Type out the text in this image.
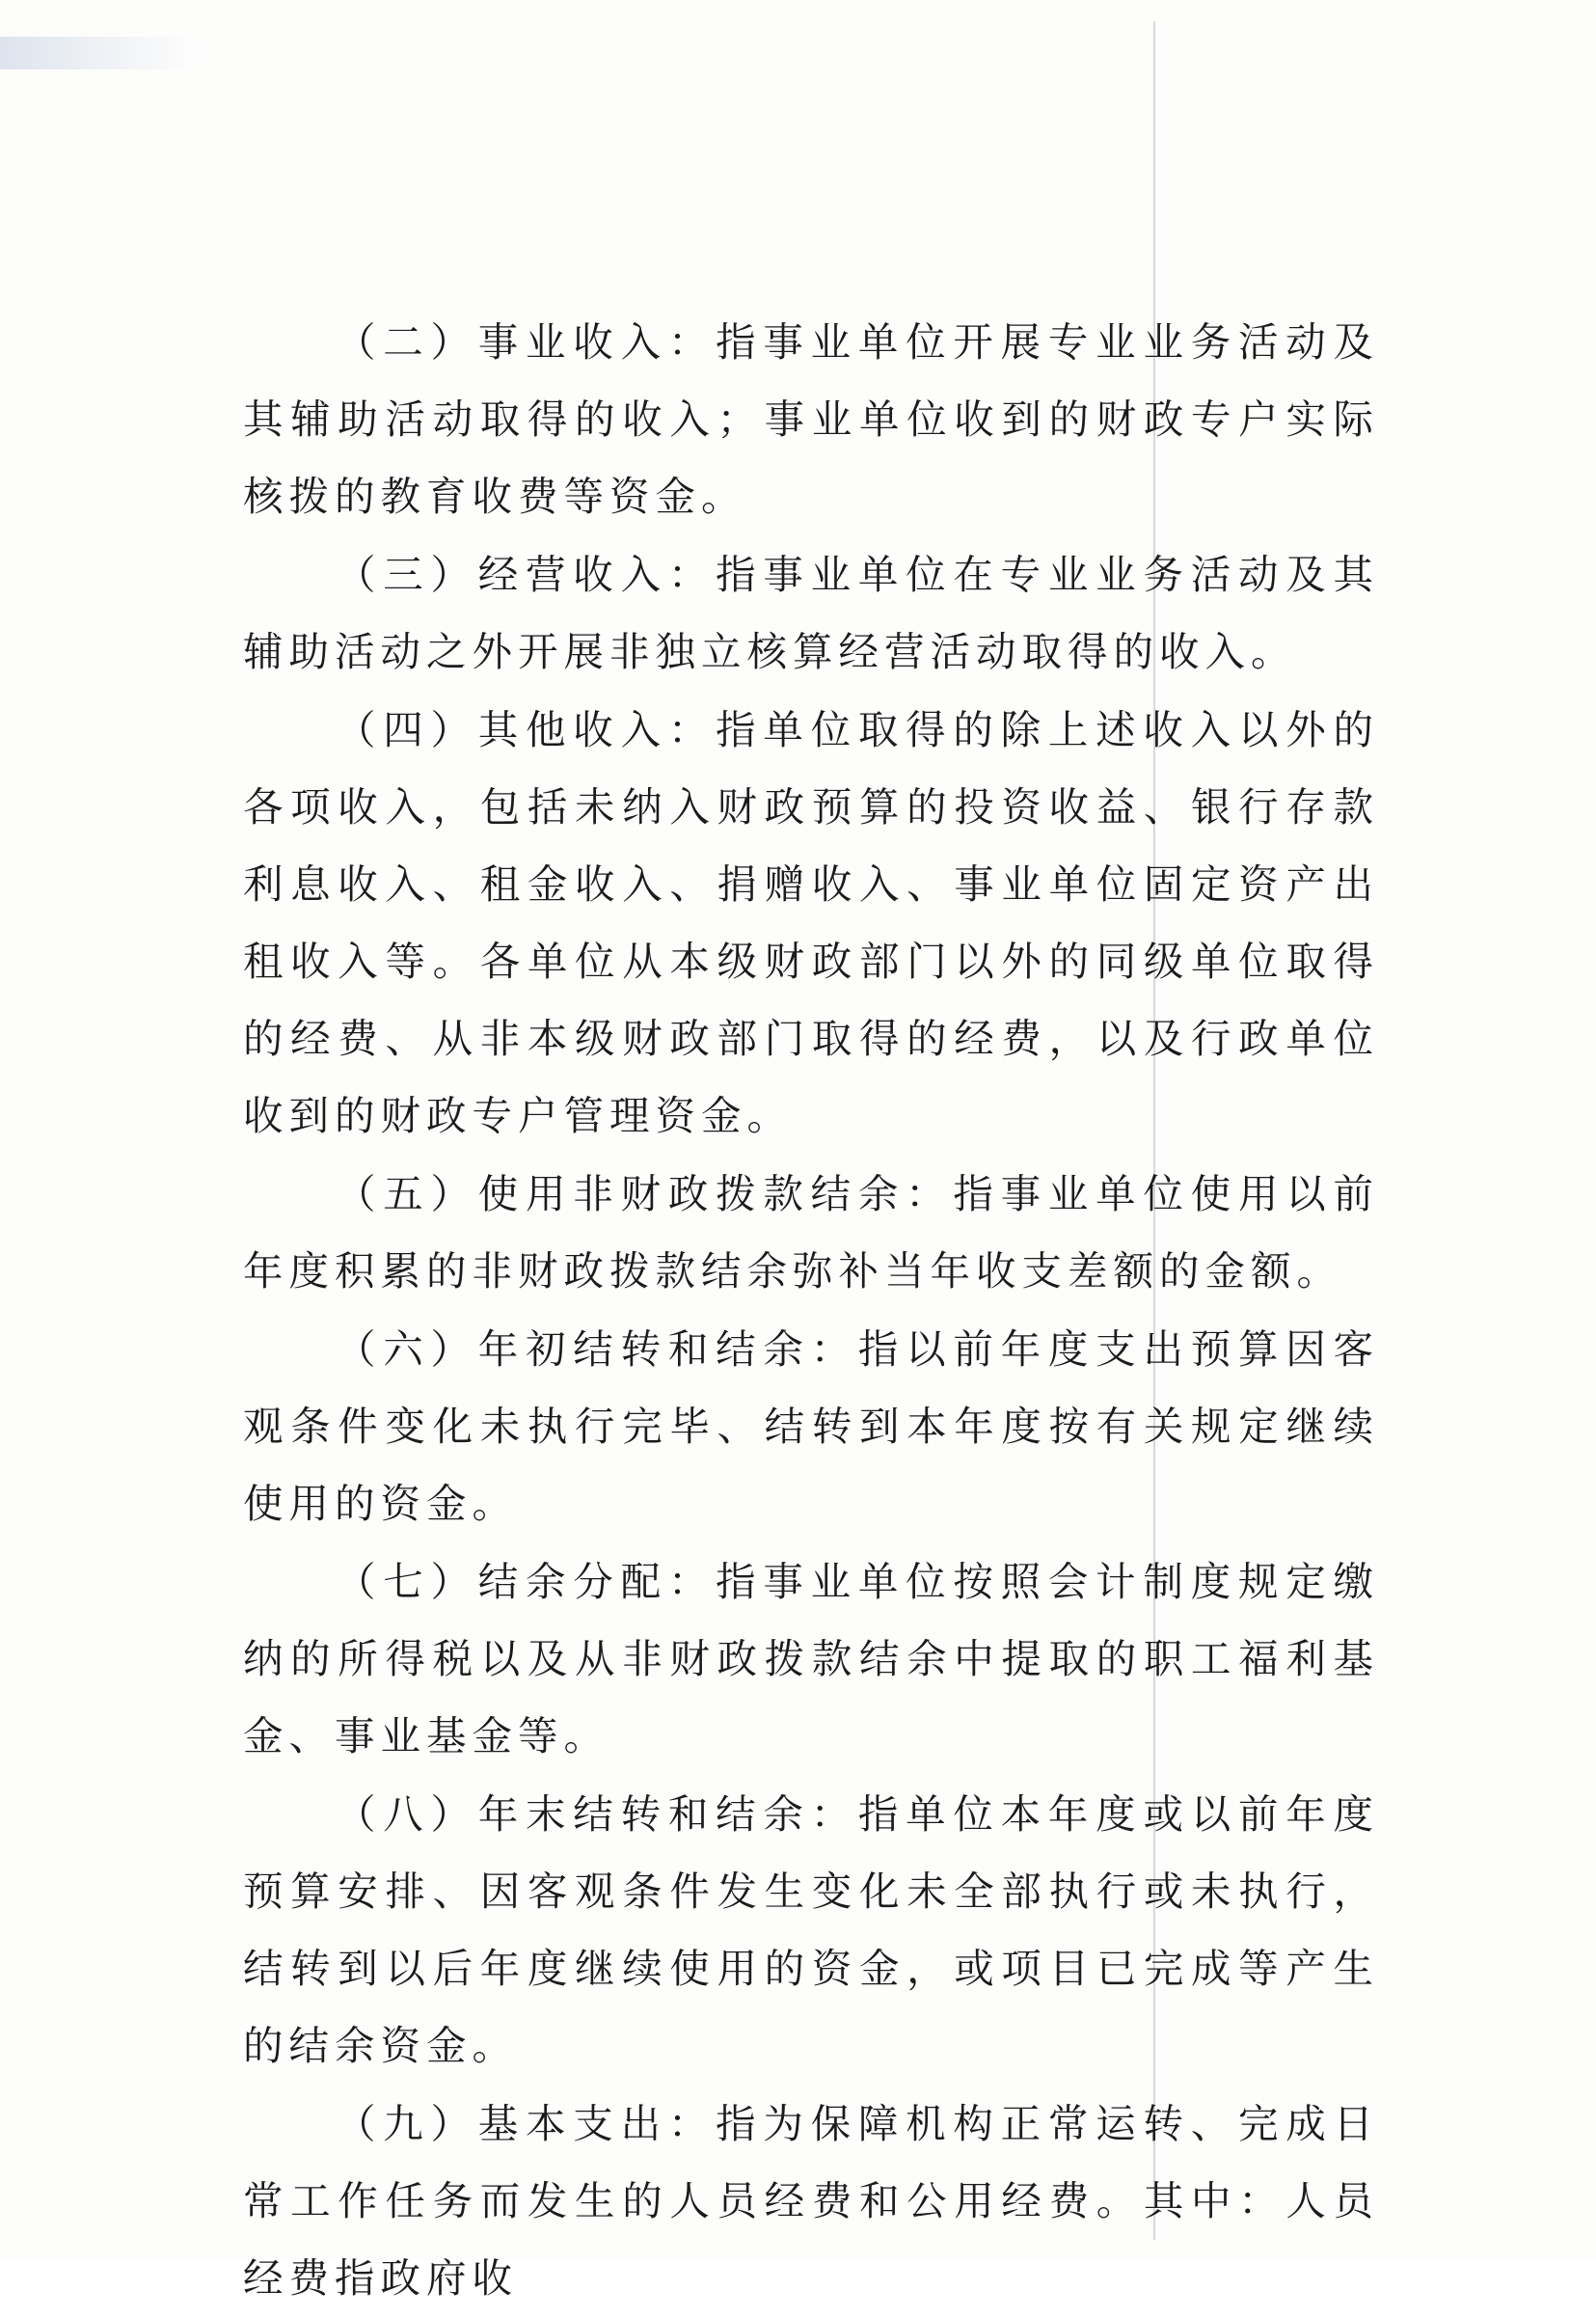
（二）事业收入：指事业单位开展专业业务活动及其辅助活动取得的收入；事业单位收到的财政专户实际核拨的教育收费等资金。

（三）经营收入：指事业单位在专业业务活动及其辅助活动之外开展非独立核算经营活动取得的收入。

（四）其他收入：指单位取得的除上述收入以外的各项收入，包括未纳入财政预算的投资收益、银行存款利息收入、租金收入、捐赠收入、事业单位固定资产出租收入等。各单位从本级财政部门以外的同级单位取得的经费、从非本级财政部门取得的经费，以及行政单位收到的财政专户管理资金。

（五）使用非财政拨款结余：指事业单位使用以前年度积累的非财政拨款结余弥补当年收支差额的金额。

（六）年初结转和结余：指以前年度支出预算因客观条件变化未执行完毕、结转到本年度按有关规定继续使用的资金。

（七）结余分配：指事业单位按照会计制度规定缴纳的所得税以及从非财政拨款结余中提取的职工福利基金、事业基金等。

（八）年末结转和结余：指单位本年度或以前年度预算安排、因客观条件发生变化未全部执行或未执行，结转到以后年度继续使用的资金，或项目已完成等产生的结余资金。

（九）基本支出：指为保障机构正常运转、完成日常工作任务而发生的人员经费和公用经费。其中：人员经费指政府收
